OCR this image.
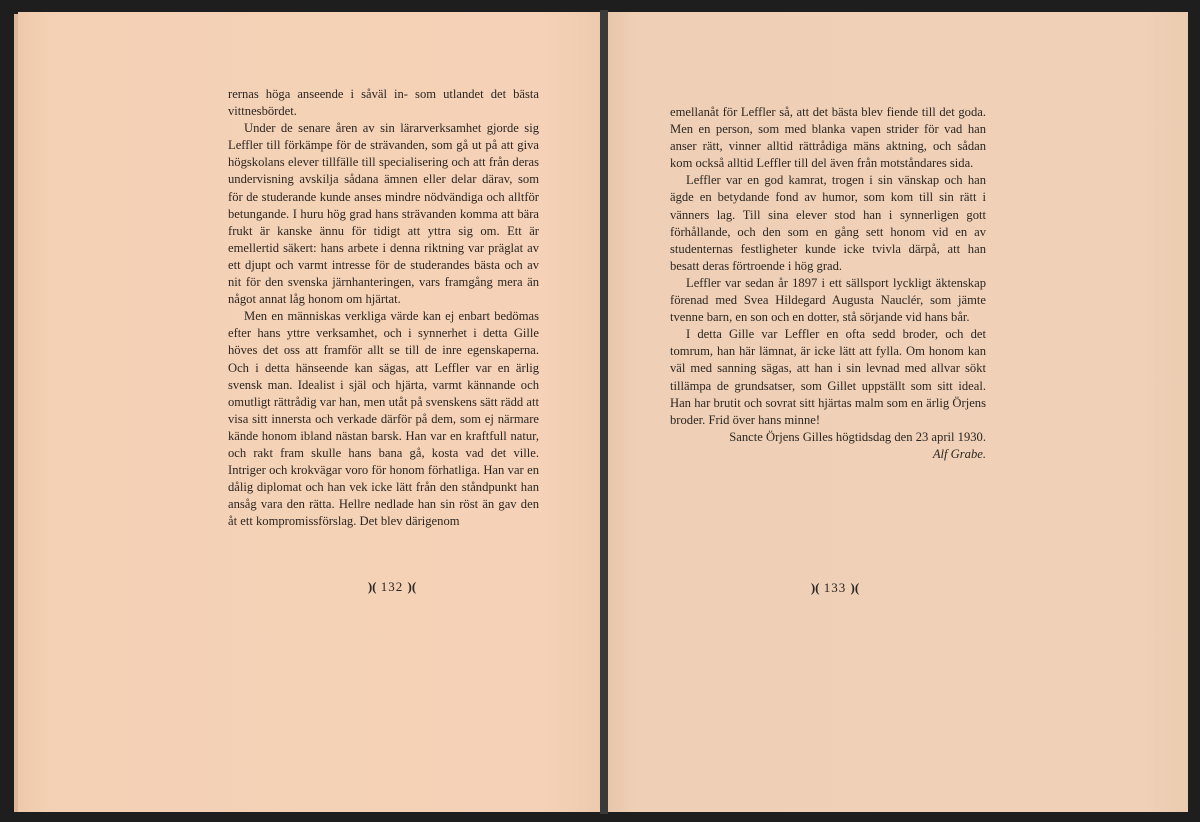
rernas höga anseende i såväl in- som utlandet det bästa vittnesbördet.

Under de senare åren av sin lärarverksamhet gjorde sig Leffler till förkämpe för de strävanden, som gå ut på att giva högskolans elever tillfälle till specialisering och att från deras undervisning avskilja sådana ämnen eller delar därav, som för de studerande kunde anses mindre nödvändiga och alltför betungande. I huru hög grad hans strävanden komma att bära frukt är kanske ännu för tidigt att yttra sig om. Ett är emellertid säkert: hans arbete i denna riktning var präglat av ett djupt och varmt intresse för de studerandes bästa och av nit för den svenska järnhanteringen, vars framgång mera än något annat låg honom om hjärtat.

Men en människas verkliga värde kan ej enbart bedömas efter hans yttre verksamhet, och i synnerhet i detta Gille höves det oss att framför allt se till de inre egenskaperna. Och i detta hänseende kan sägas, att Leffler var en ärlig svensk man. Idealist i själ och hjärta, varmt kännande och omutligt rättrådig var han, men utåt på svenskens sätt rädd att visa sitt innersta och verkade därför på dem, som ej närmare kände honom ibland nästan barsk. Han var en kraftfull natur, och rakt fram skulle hans bana gå, kosta vad det ville. Intriger och krokvägar voro för honom förhatliga. Han var en dålig diplomat och han vek icke lätt från den ståndpunkt han ansåg vara den rätta. Hellre nedlade han sin röst än gav den åt ett kompromissförslag. Det blev därigenom

)( 132 )(

emellanåt för Leffler så, att det bästa blev fiende till det goda. Men en person, som med blanka vapen strider för vad han anser rätt, vinner alltid rättrådiga mäns aktning, och sådan kom också alltid Leffler till del även från motståndares sida.

Leffler var en god kamrat, trogen i sin vänskap och han ägde en betydande fond av humor, som kom till sin rätt i vänners lag. Till sina elever stod han i synnerligen gott förhållande, och den som en gång sett honom vid en av studenternas festligheter kunde icke tvivla därpå, att han besatt deras förtroende i hög grad.

Leffler var sedan år 1897 i ett sällsport lyckligt äktenskap förenad med Svea Hildegard Augusta Nauclér, som jämte tvenne barn, en son och en dotter, stå sörjande vid hans bår.

I detta Gille var Leffler en ofta sedd broder, och det tomrum, han här lämnat, är icke lätt att fylla. Om honom kan väl med sanning sägas, att han i sin levnad med allvar sökt tillämpa de grundsatser, som Gillet uppställt som sitt ideal. Han har brutit och sovrat sitt hjärtas malm som en ärlig Örjens broder. Frid över hans minne!

Sancte Örjens Gilles högtidsdag den 23 april 1930.

Alf Grabe.
)( 133 )(
